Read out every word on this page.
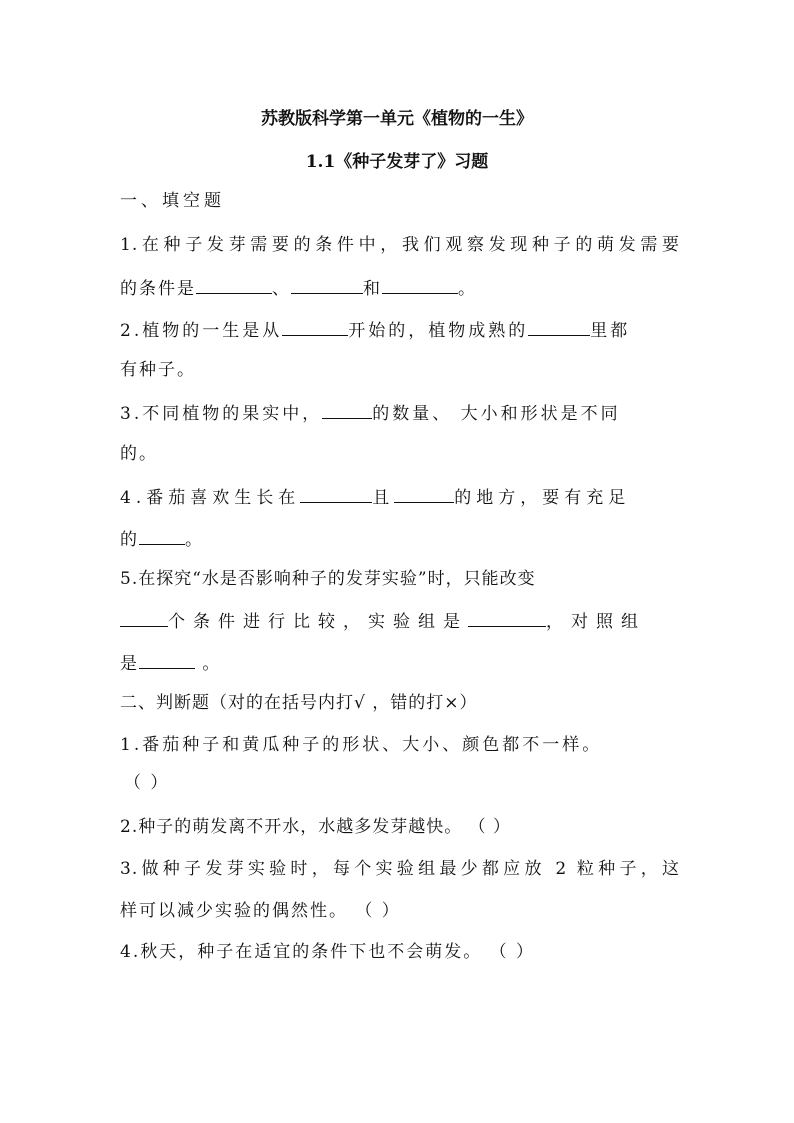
苏教版科学第一单元《植物的一生》
1.1《种子发芽了》习题
一、填空题
1.在种子发芽需要的条件中，我们观察发现种子的萌发需要
的条件是	、	和	。
2.植物的一生是从	开始的，植物成熟的	里都
有种子。
3.不同植物的果实中，	的数量、 大小和形状是不同
的。
4.番茄喜欢生长在	且	的地方，要有充足
的	。
5.在探究“水是否影响种子的发芽实验”时，只能改变
个条件进行比较，实验组是	，对照组
是	。
二、判断题（对的在括号内打√ ，错的打×）
1.番茄种子和黄瓜种子的形状、大小、颜色都不一样。
（ ）
2.种子的萌发离不开水，水越多发芽越快。 （ ）
3.做种子发芽实验时，每个实验组最少都应放 2 粒种子，这
样可以减少实验的偶然性。 （ ）
4.秋天，种子在适宜的条件下也不会萌发。 （ ）
